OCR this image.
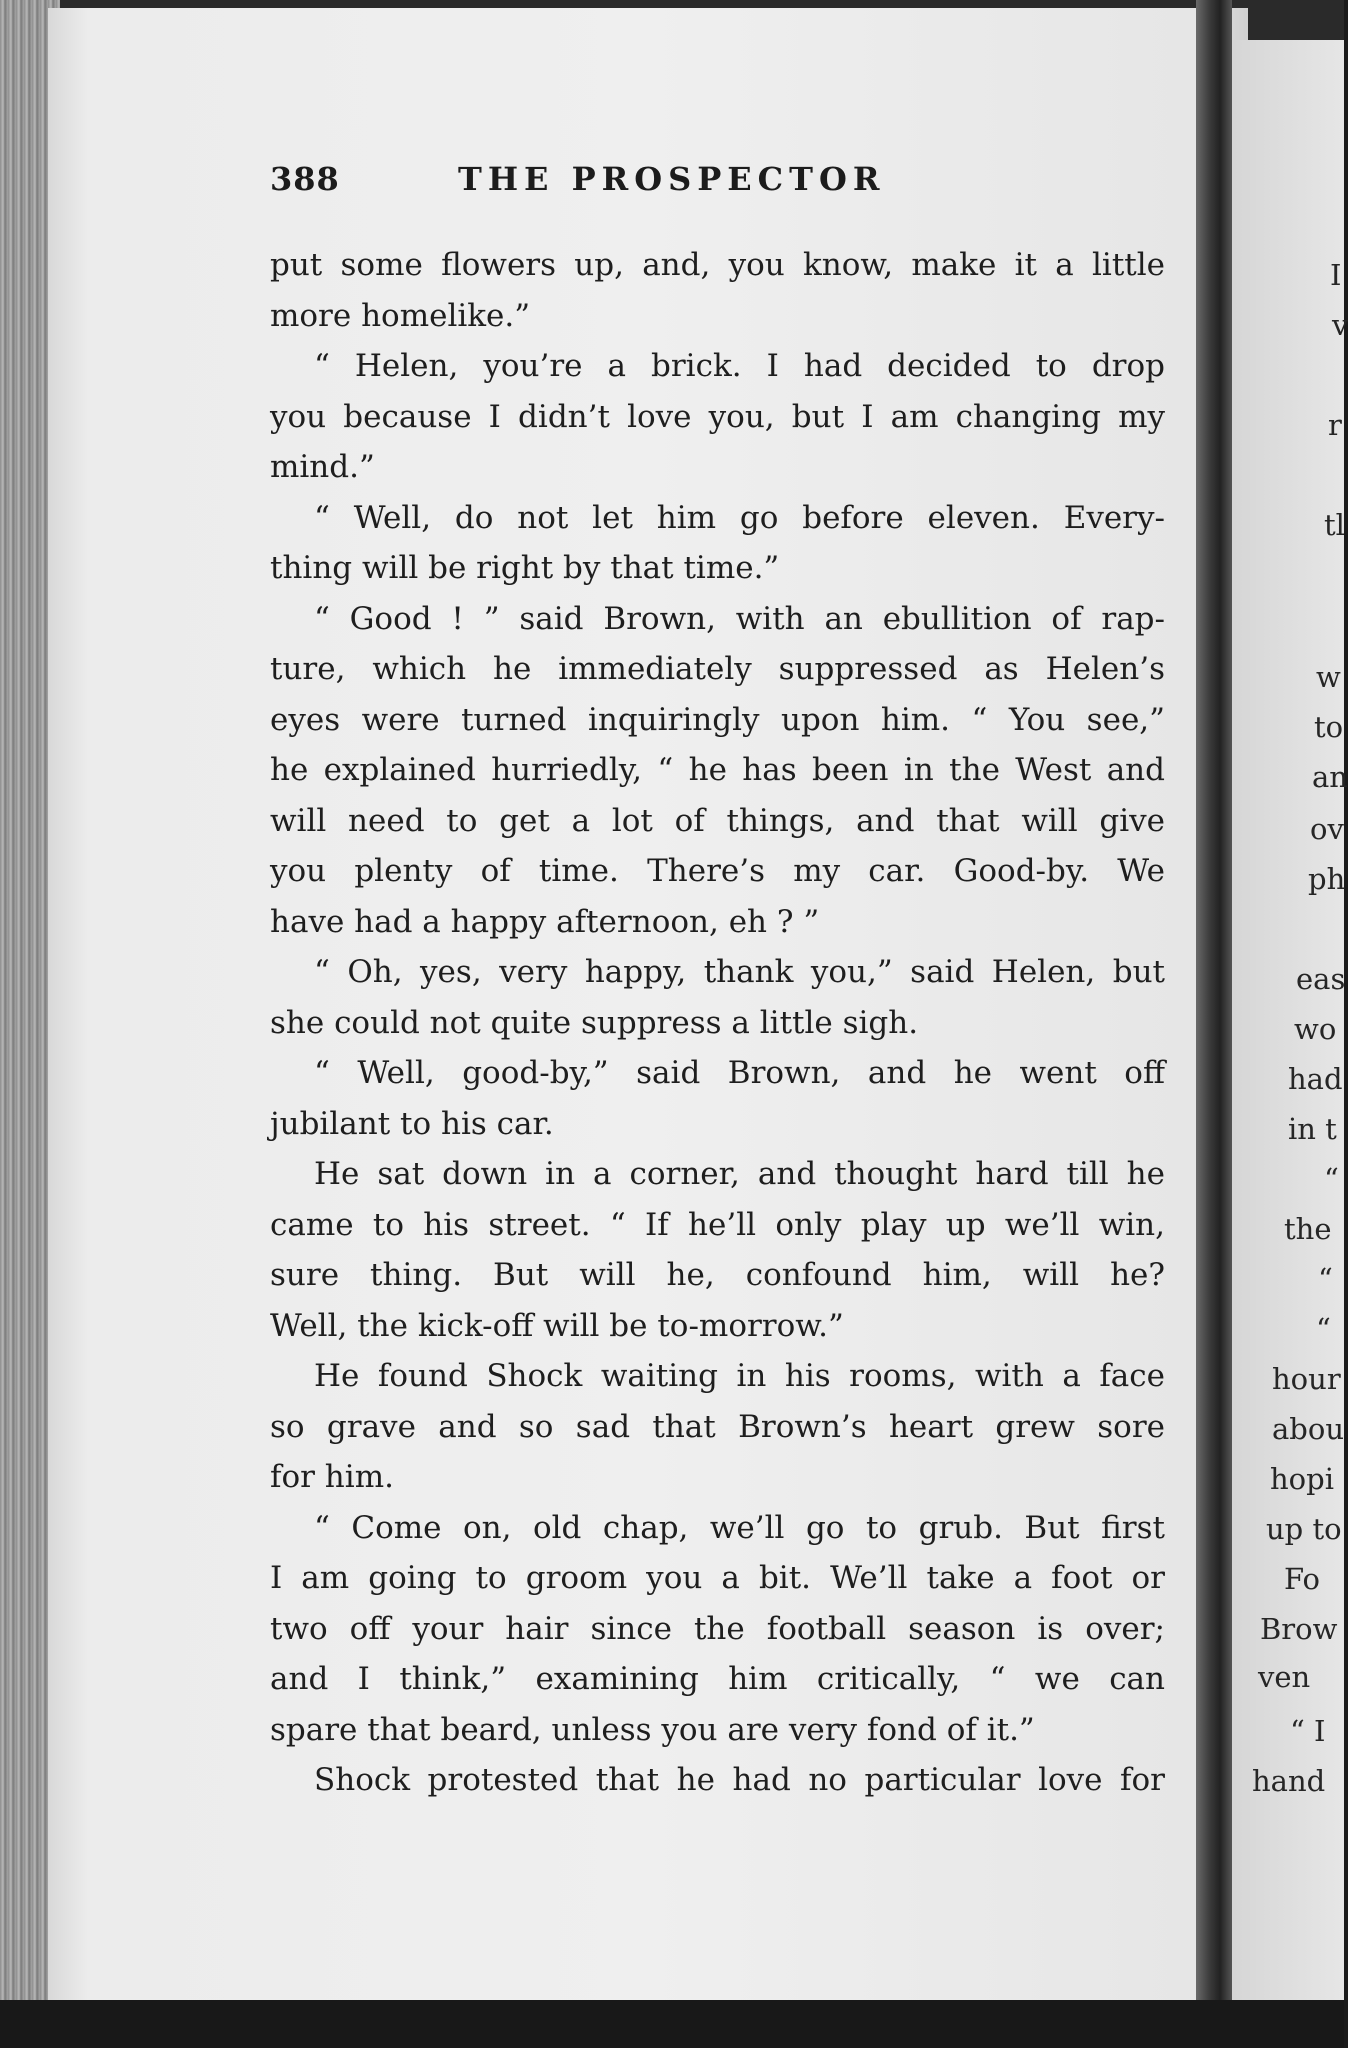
388	THE PROSPECTOR
put some flowers up, and, you know, make it a little
more homelike.”
“ Helen, you’re a brick. I had decided to drop
you because I didn’t love you, but I am changing my
mind.”
“ Well, do not let him go before eleven. Every-
thing will be right by that time.”
“ Good ! ” said Brown, with an ebullition of rap-
ture, which he immediately suppressed as Helen’s
eyes were turned inquiringly upon him. “ You see,”
he explained hurriedly, “ he has been in the West and
will need to get a lot of things, and that will give
you plenty of time. There’s my car. Good-by. We
have had a happy afternoon, eh ? ”
“ Oh, yes, very happy, thank you,” said Helen, but
she could not quite suppress a little sigh.
“ Well, good-by,” said Brown, and he went off
jubilant to his car.
He sat down in a corner, and thought hard till he
came to his street. “ If he’ll only play up we’ll win,
sure thing. But will he, confound him, will he?
Well, the kick-off will be to-morrow.”
He found Shock waiting in his rooms, with a face
so grave and so sad that Brown’s heart grew sore
for him.
“ Come on, old chap, we’ll go to grub. But first
I am going to groom you a bit. We’ll take a foot or
two off your hair since the football season is over;
and I think,” examining him critically, “ we can
spare that beard, unless you are very fond of it.”
Shock protested that he had no particular love for
I
v
r
tl
w
to
an
ov
ph
eas
wo
had
in t
“
the
“
“
hour
abou
hopi
up to
Fo
Brow
ven
“ I
hand
